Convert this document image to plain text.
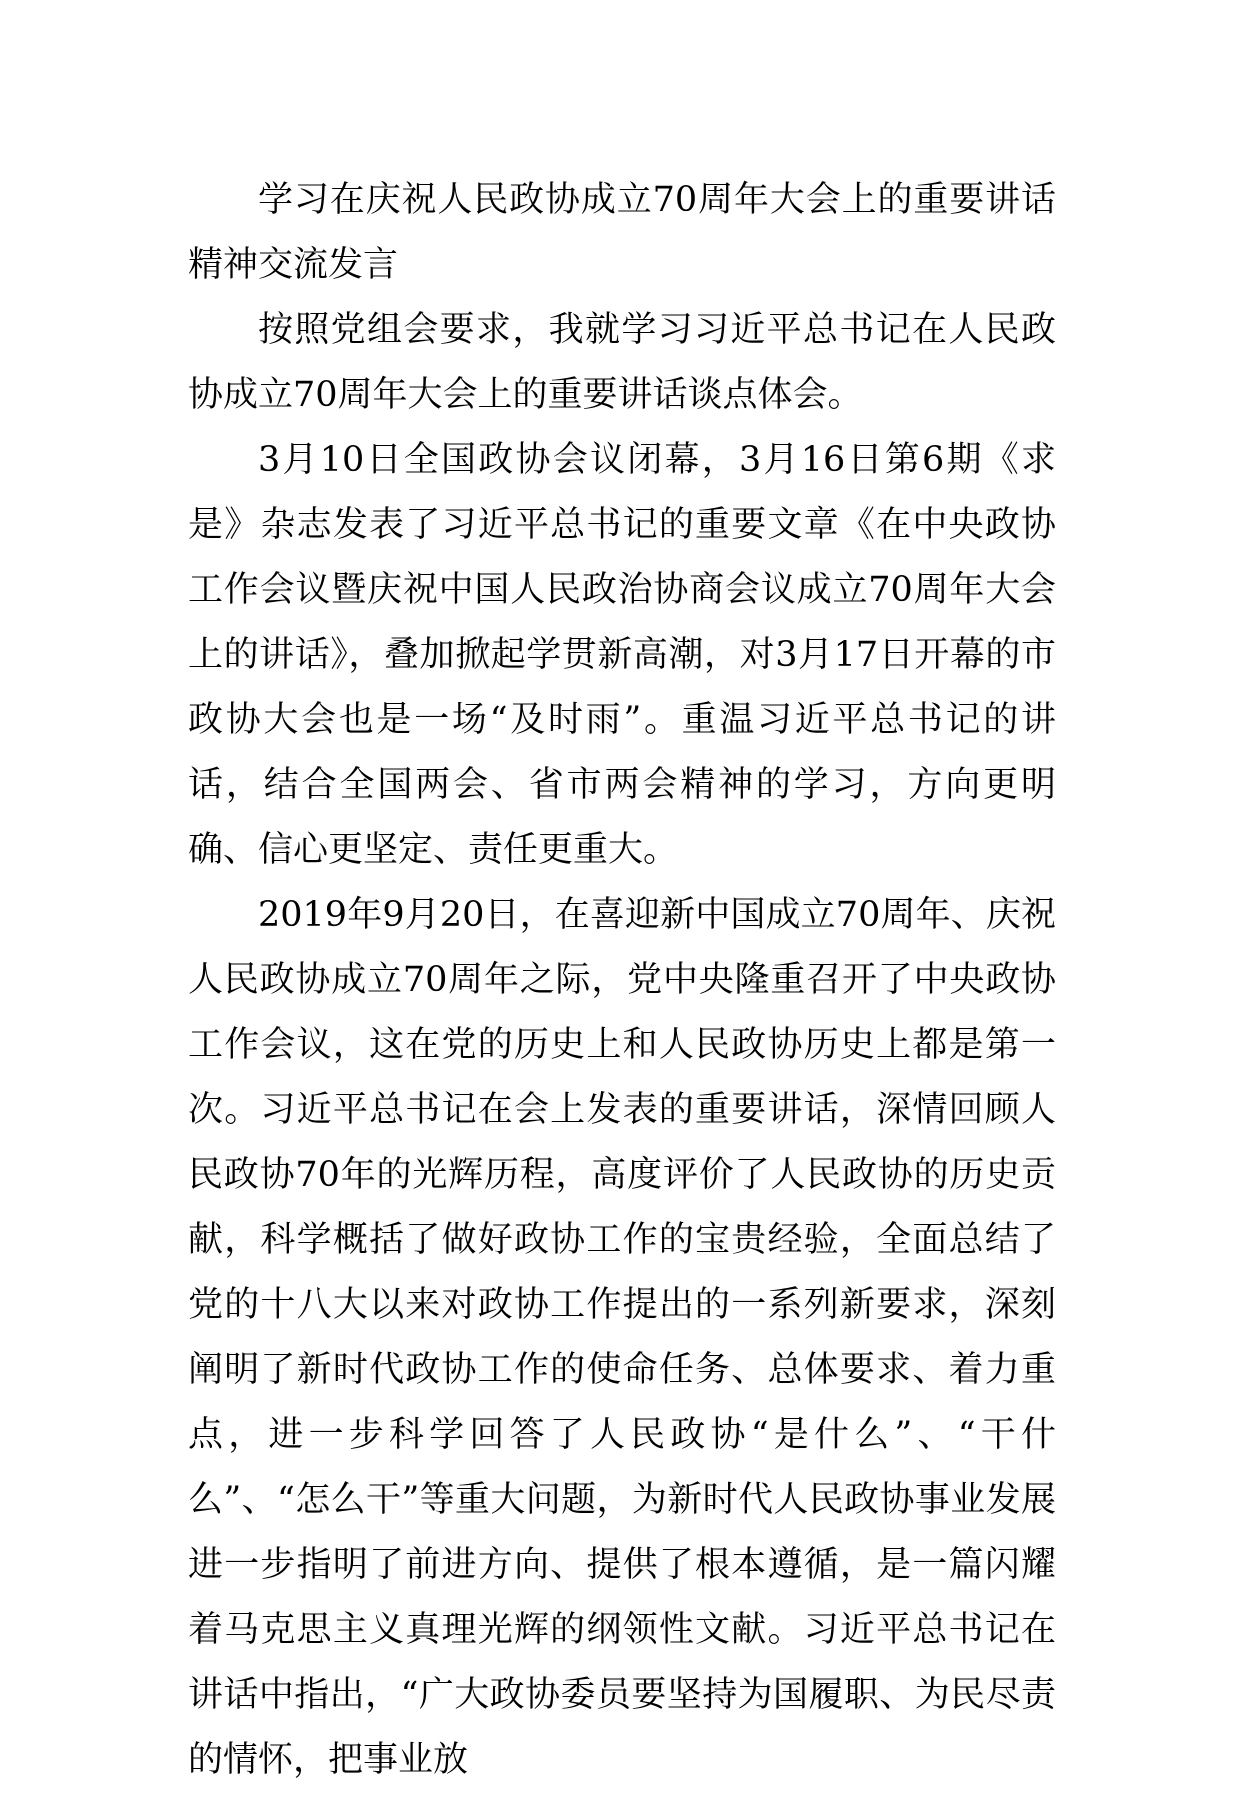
学习在庆祝人民政协成立70周年大会上的重要讲话精神交流发言

按照党组会要求，我就学习习近平总书记在人民政协成立70周年大会上的重要讲话谈点体会。

3月10日全国政协会议闭幕，3月16日第6期《求是》杂志发表了习近平总书记的重要文章《在中央政协工作会议暨庆祝中国人民政治协商会议成立70周年大会上的讲话》，叠加掀起学贯新高潮，对3月17日开幕的市政协大会也是一场“及时雨”。重温习近平总书记的讲话，结合全国两会、省市两会精神的学习，方向更明确、信心更坚定、责任更重大。

2019年9月20日，在喜迎新中国成立70周年、庆祝人民政协成立70周年之际，党中央隆重召开了中央政协工作会议，这在党的历史上和人民政协历史上都是第一次。习近平总书记在会上发表的重要讲话，深情回顾人民政协70年的光辉历程，高度评价了人民政协的历史贡献，科学概括了做好政协工作的宝贵经验，全面总结了党的十八大以来对政协工作提出的一系列新要求，深刻阐明了新时代政协工作的使命任务、总体要求、着力重点，进一步科学回答了人民政协“是什么”、“干什么”、“怎么干”等重大问题，为新时代人民政协事业发展进一步指明了前进方向、提供了根本遵循，是一篇闪耀着马克思主义真理光辉的纲领性文献。习近平总书记在讲话中指出，“广大政协委员要坚持为国履职、为民尽责的情怀，把事业放
